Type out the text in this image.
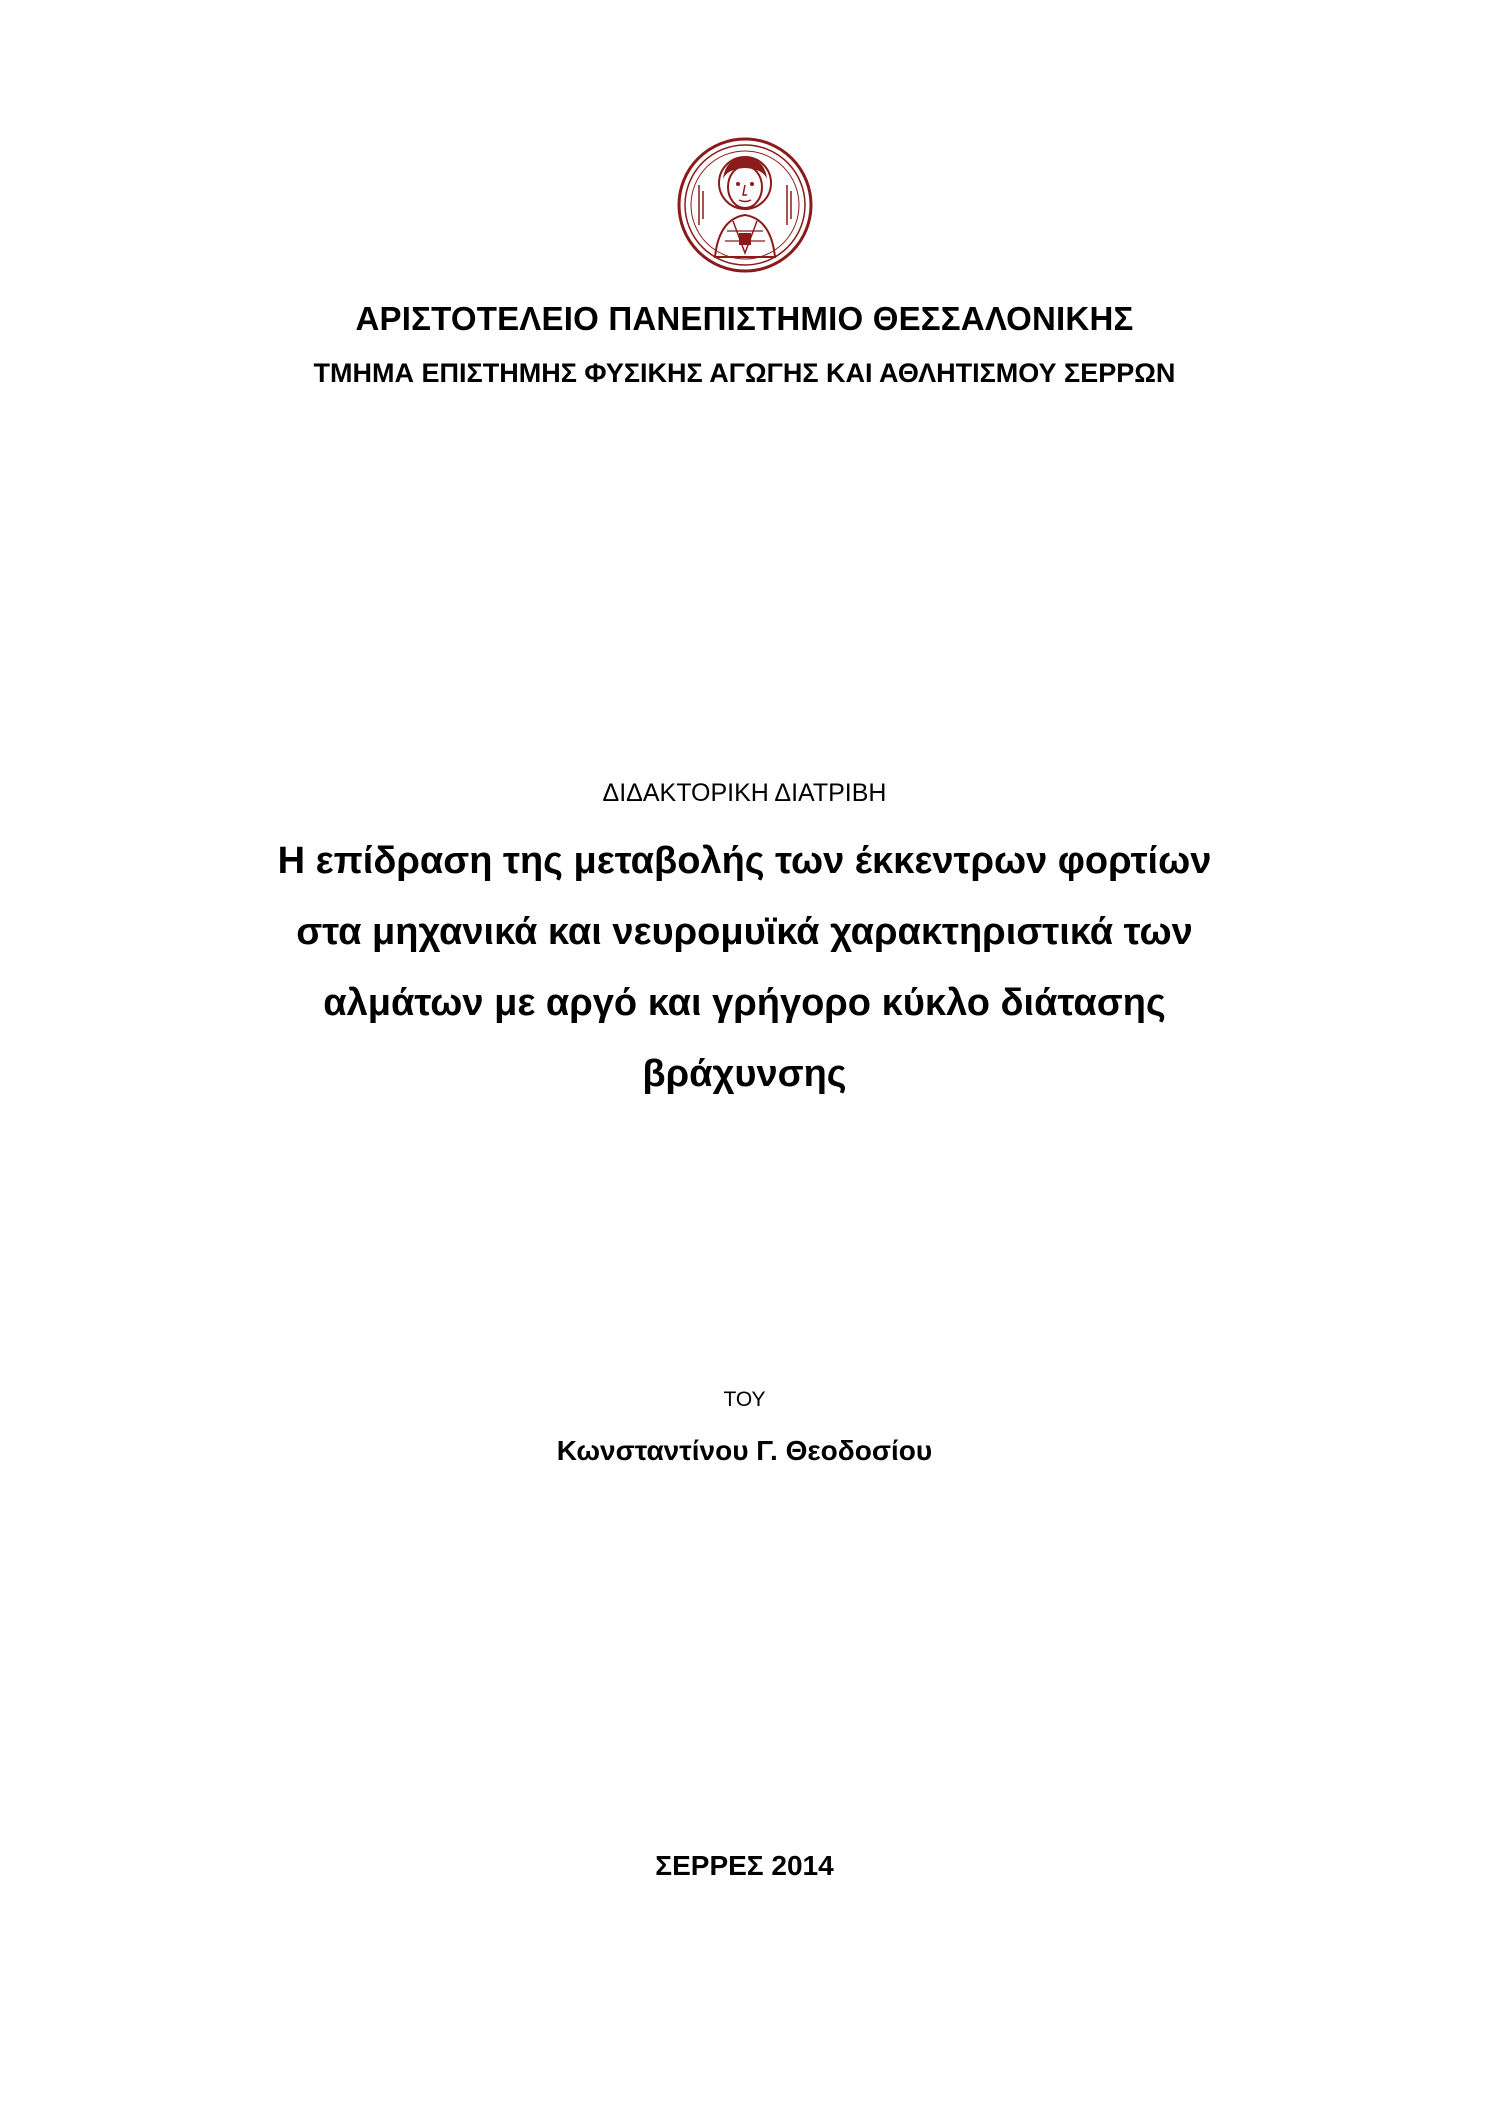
ΑΡΙΣΤΟΤΕΛΕΙΟ ΠΑΝΕΠΙΣΤΗΜΙΟ ΘΕΣΣΑΛΟΝΙΚΗΣ
ΤΜΗΜΑ ΕΠΙΣΤΗΜΗΣ ΦΥΣΙΚΗΣ ΑΓΩΓΗΣ ΚΑΙ ΑΘΛΗΤΙΣΜΟΥ ΣΕΡΡΩΝ
ΔΙΔΑΚΤΟΡΙΚΗ ΔΙΑΤΡΙΒΗ
Η επίδραση της μεταβολής των έκκεντρων φορτίων
στα μηχανικά και νευρομυϊκά χαρακτηριστικά των
αλμάτων με αργό και γρήγορο κύκλο διάτασης
βράχυνσης
ΤΟΥ
Κωνσταντίνου Γ. Θεοδοσίου
ΣΕΡΡΕΣ 2014
